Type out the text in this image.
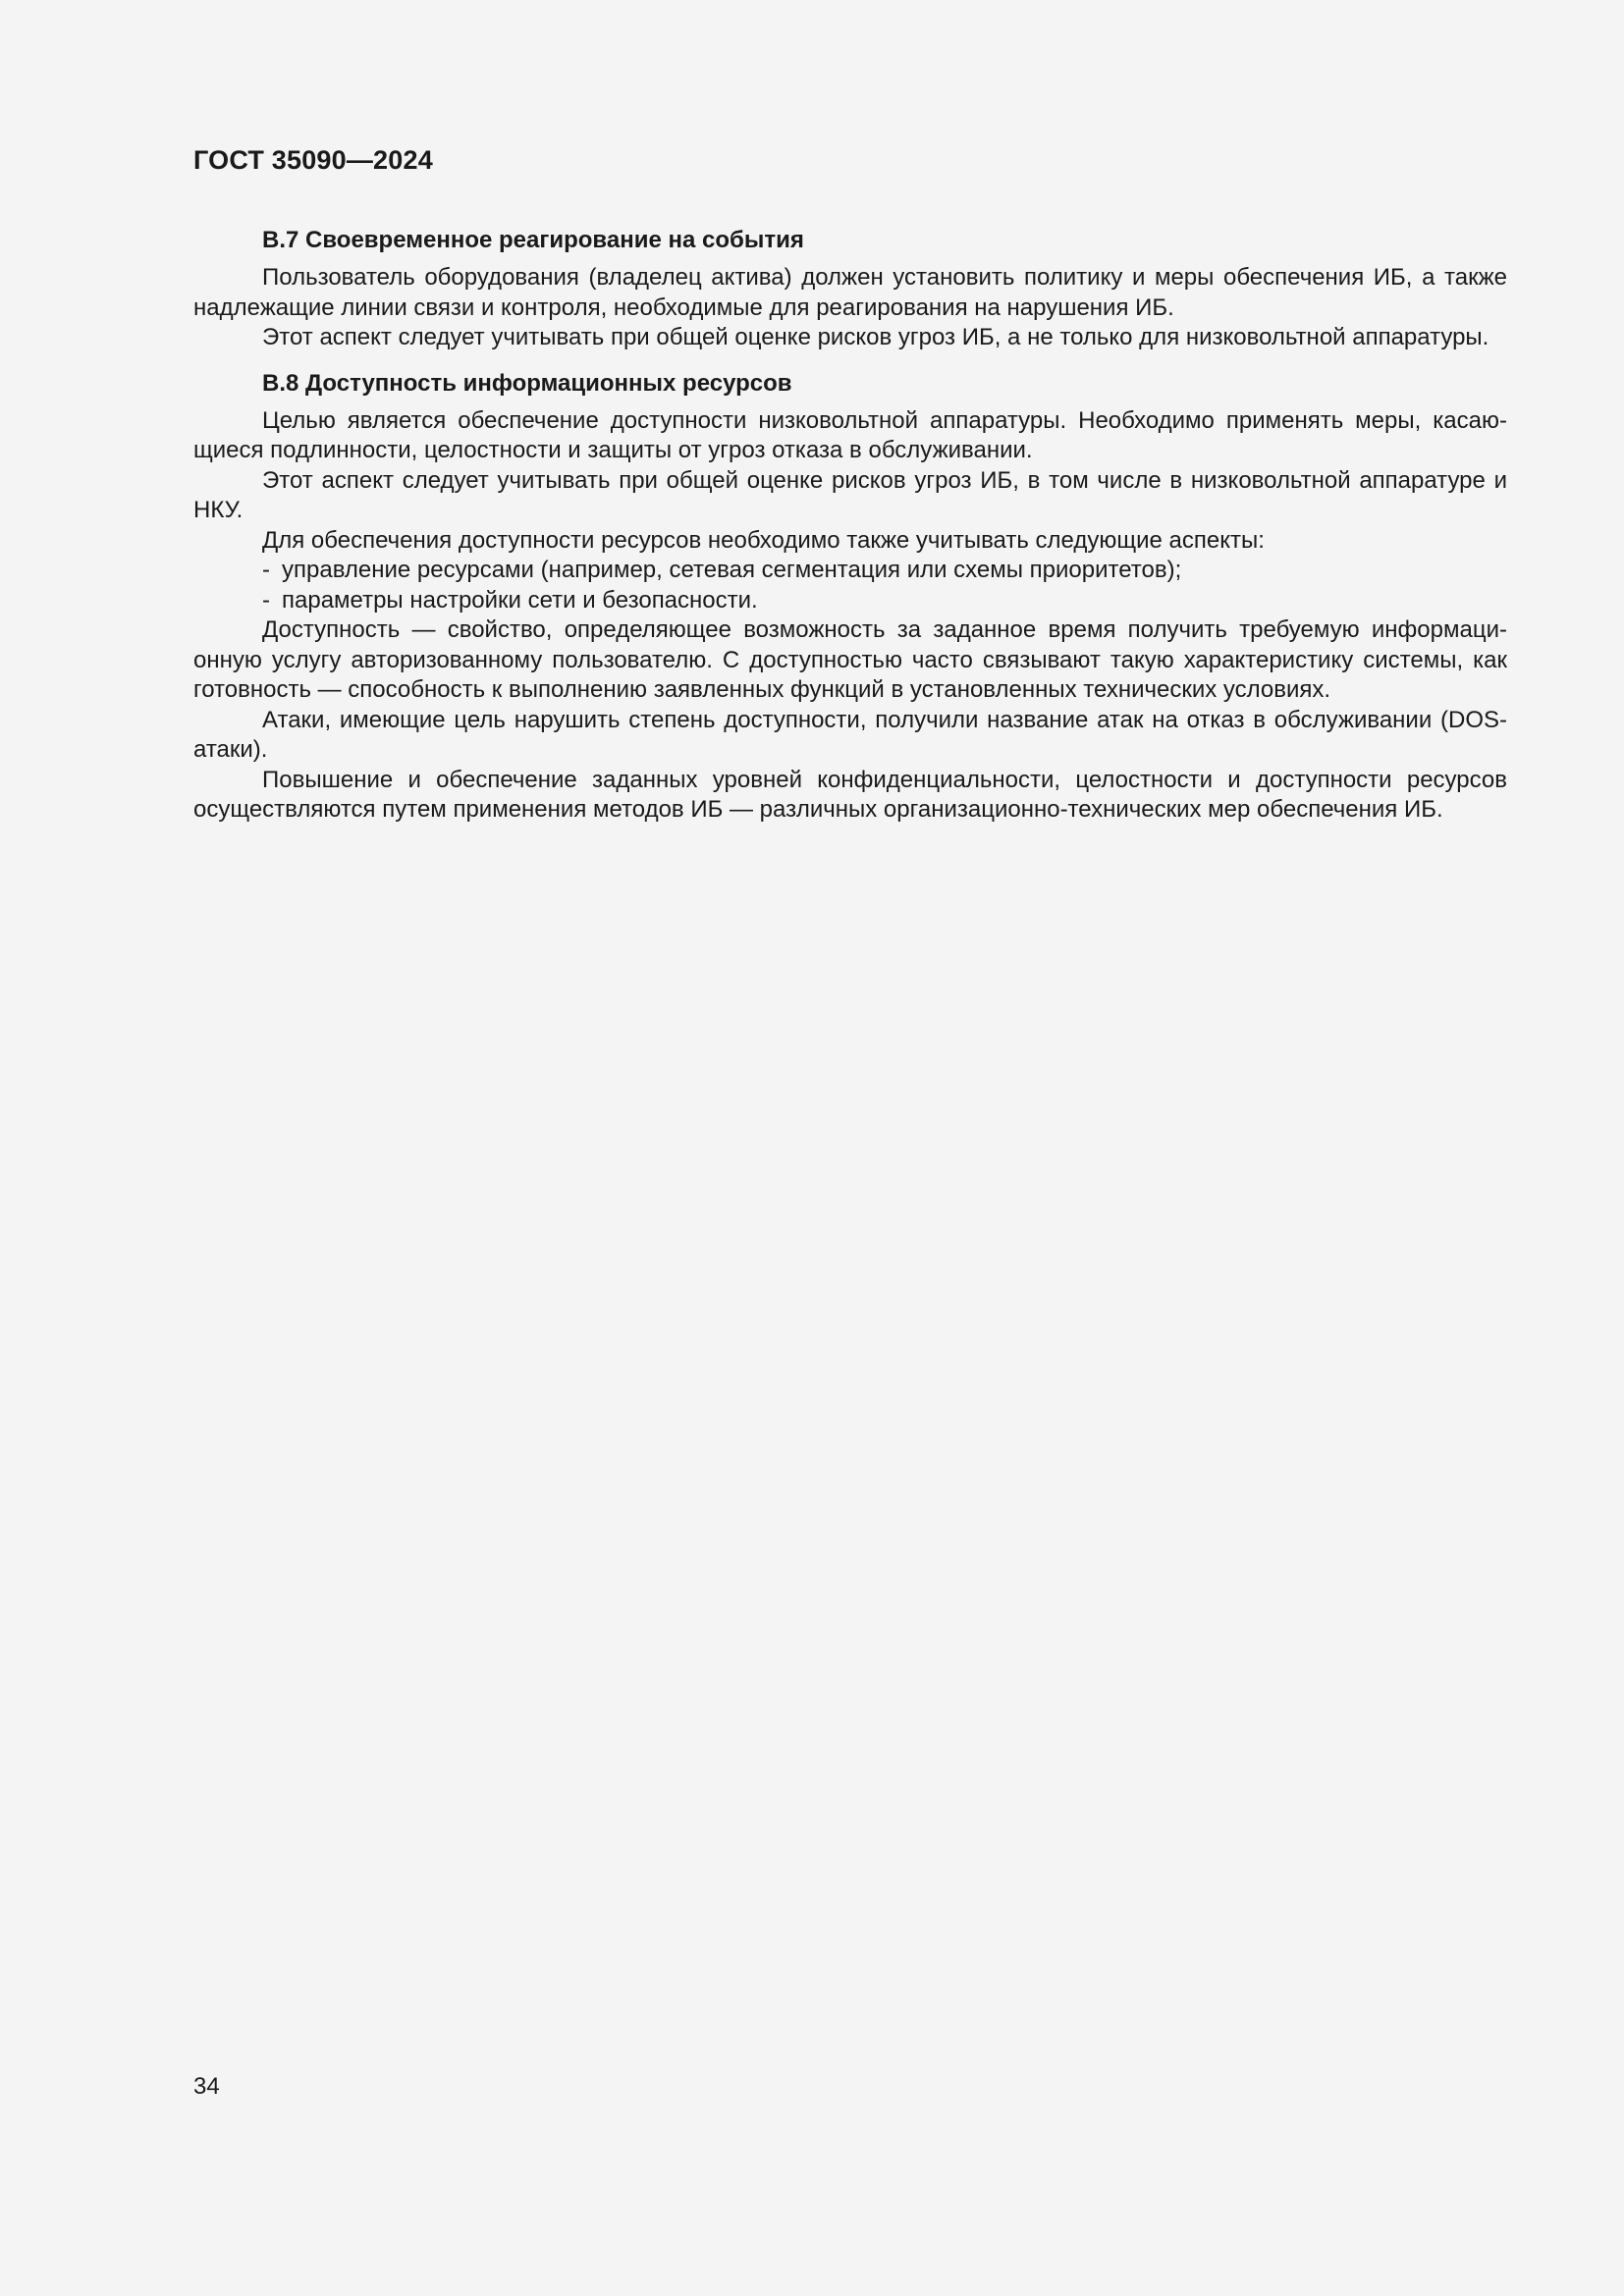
ГОСТ 35090—2024
B.7 Своевременное реагирование на события

Пользователь оборудования (владелец актива) должен установить политику и меры обеспечения ИБ, а также надлежащие линии связи и контроля, необходимые для реагирования на нарушения ИБ.

Этот аспект следует учитывать при общей оценке рисков угроз ИБ, а не только для низковольтной аппаратуры.

B.8 Доступность информационных ресурсов

Целью является обеспечение доступности низковольтной аппаратуры. Необходимо применять меры, касающиеся подлинности, целостности и защиты от угроз отказа в обслуживании.

Этот аспект следует учитывать при общей оценке рисков угроз ИБ, в том числе в низковольтной аппаратуре и НКУ.

Для обеспечения доступности ресурсов необходимо также учитывать следующие аспекты:

- управление ресурсами (например, сетевая сегментация или схемы приоритетов);
- параметры настройки сети и безопасности.

Доступность — свойство, определяющее возможность за заданное время получить требуемую информационную услугу авторизованному пользователю. С доступностью часто связывают такую характеристику системы, как готовность — способность к выполнению заявленных функций в установленных технических условиях.

Атаки, имеющие цель нарушить степень доступности, получили название атак на отказ в обслуживании (DOS-атаки).

Повышение и обеспечение заданных уровней конфиденциальности, целостности и доступности ресурсов осуществляются путем применения методов ИБ — различных организационно-технических мер обеспечения ИБ.

34
